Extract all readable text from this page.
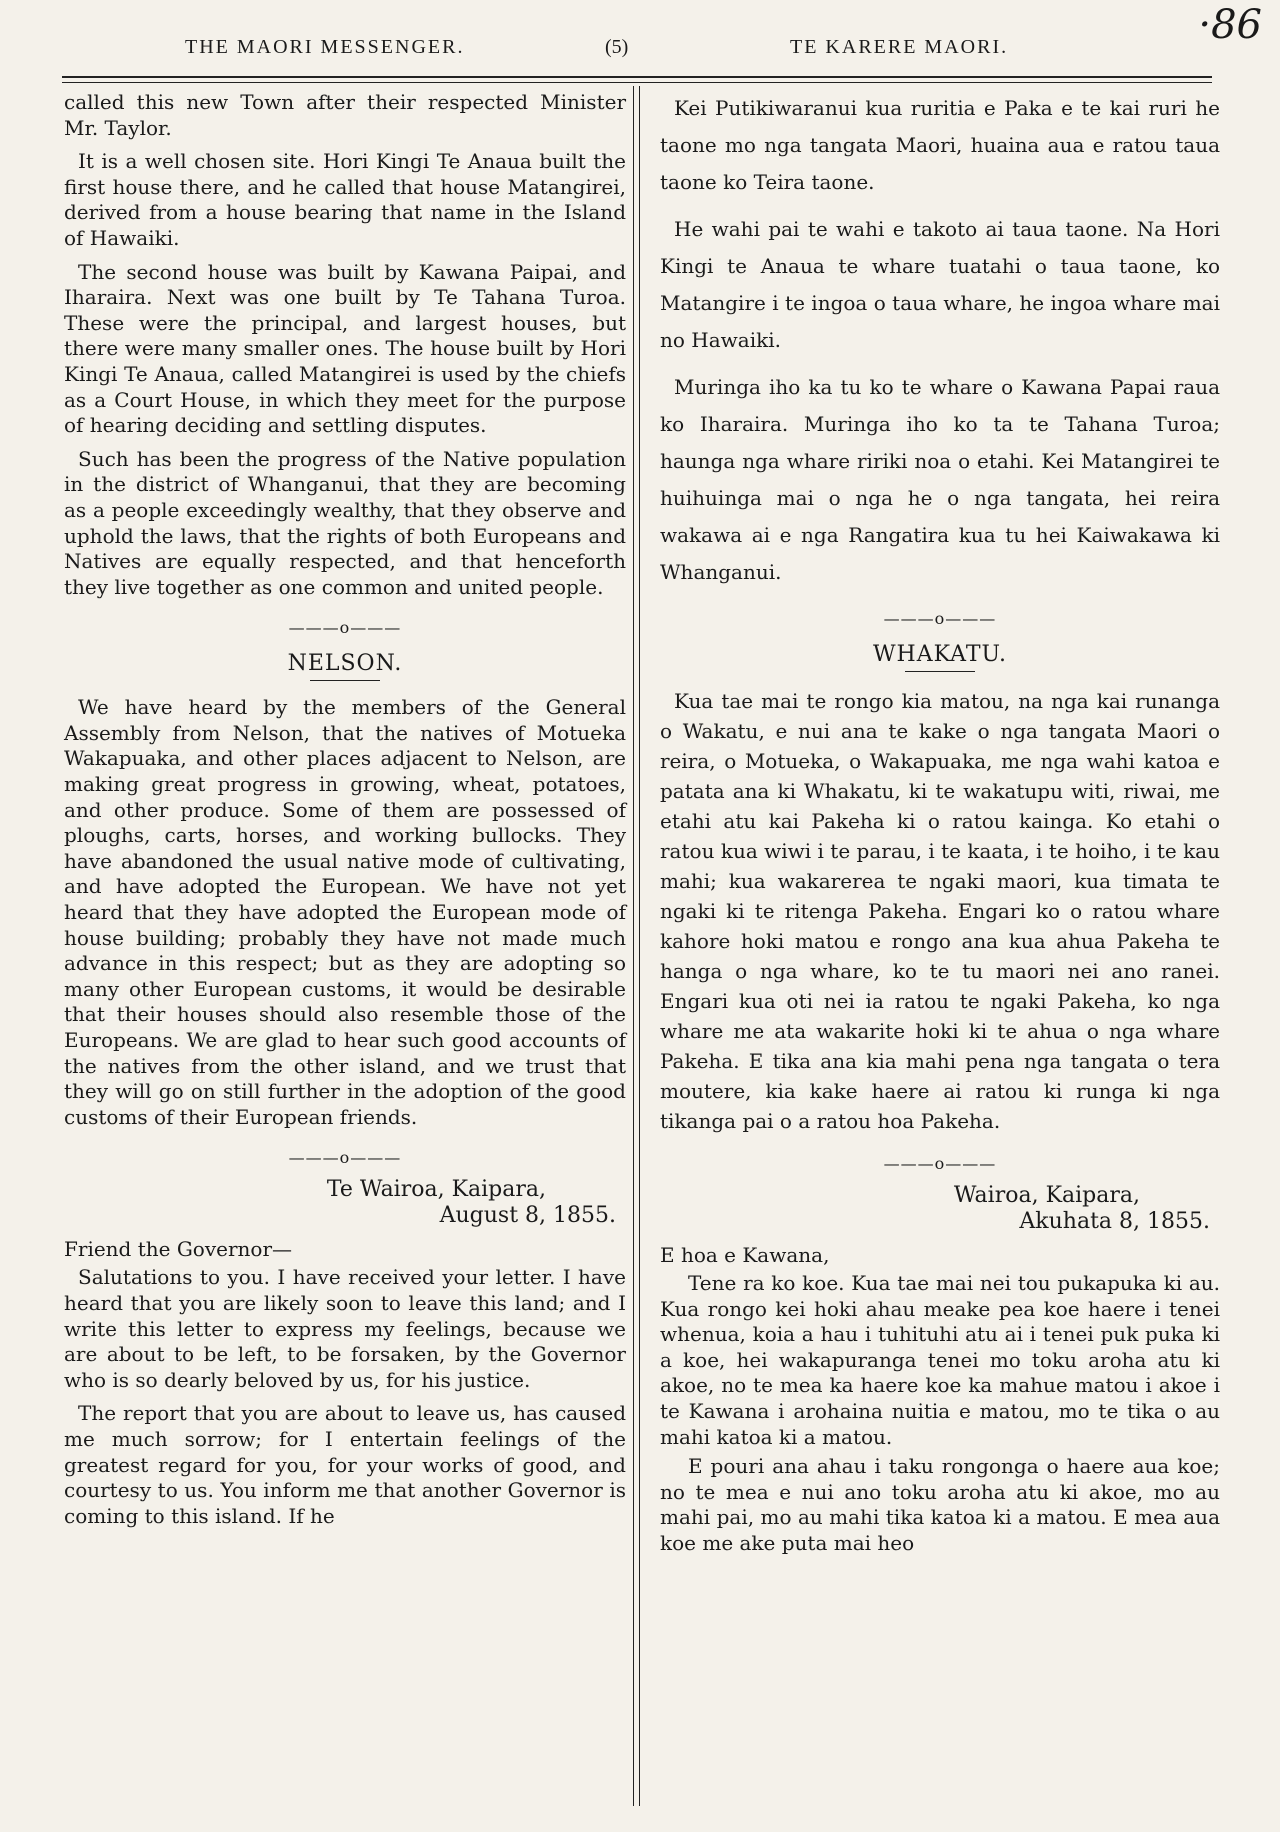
THE MAORI MESSENGER.	(5)	TE KARERE MAORI.	·86

called this new Town after their respected Minister Mr. Taylor.

It is a well chosen site. Hori Kingi Te Anaua built the first house there, and he called that house Matangirei, derived from a house bearing that name in the Island of Hawaiki.

The second house was built by Kawana Paipai, and Iharaira. Next was one built by Te Tahana Turoa. These were the principal, and largest houses, but there were many smaller ones. The house built by Hori Kingi Te Anaua, called Matangirei is used by the chiefs as a Court House, in which they meet for the purpose of hearing deciding and settling disputes.

Such has been the progress of the Native population in the district of Whanganui, that they are becoming as a people exceedingly wealthy, that they observe and uphold the laws, that the rights of both Europeans and Natives are equally respected, and that henceforth they live together as one common and united people.

———o———
NELSON.

We have heard by the members of the General Assembly from Nelson, that the natives of Motueka Wakapuaka, and other places adjacent to Nelson, are making great progress in growing, wheat, potatoes, and other produce. Some of them are possessed of ploughs, carts, horses, and working bullocks. They have abandoned the usual native mode of cultivating, and have adopted the European. We have not yet heard that they have adopted the European mode of house building; probably they have not made much advance in this respect; but as they are adopting so many other European customs, it would be desirable that their houses should also resemble those of the Europeans. We are glad to hear such good accounts of the natives from the other island, and we trust that they will go on still further in the adoption of the good customs of their European friends.

———o———
Te Wairoa, Kaipara,
August 8, 1855.
Friend the Governor—

Salutations to you. I have received your letter. I have heard that you are likely soon to leave this land; and I write this letter to express my feelings, because we are about to be left, to be forsaken, by the Governor who is so dearly beloved by us, for his justice.

The report that you are about to leave us, has caused me much sorrow; for I entertain feelings of the greatest regard for you, for your works of good, and courtesy to us. You inform me that another Governor is coming to this island. If he

Kei Putikiwaranui kua ruritia e Paka e te kai ruri he taone mo nga tangata Maori, huaina aua e ratou taua taone ko Teira taone.

He wahi pai te wahi e takoto ai taua taone. Na Hori Kingi te Anaua te whare tuatahi o taua taone, ko Matangire i te ingoa o taua whare, he ingoa whare mai no Hawaiki.

Muringa iho ka tu ko te whare o Kawana Papai raua ko Iharaira. Muringa iho ko ta te Tahana Turoa; haunga nga whare ririki noa o etahi. Kei Matangirei te huihuinga mai o nga he o nga tangata, hei reira wakawa ai e nga Rangatira kua tu hei Kaiwakawa ki Whanganui.

———o———
WHAKATU.

Kua tae mai te rongo kia matou, na nga kai runanga o Wakatu, e nui ana te kake o nga tangata Maori o reira, o Motueka, o Wakapuaka, me nga wahi katoa e patata ana ki Whakatu, ki te wakatupu witi, riwai, me etahi atu kai Pakeha ki o ratou kainga. Ko etahi o ratou kua wiwi i te parau, i te kaata, i te hoiho, i te kau mahi; kua wakarerea te ngaki maori, kua timata te ngaki ki te ritenga Pakeha. Engari ko o ratou whare kahore hoki matou e rongo ana kua ahua Pakeha te hanga o nga whare, ko te tu maori nei ano ranei. Engari kua oti nei ia ratou te ngaki Pakeha, ko nga whare me ata wakarite hoki ki te ahua o nga whare Pakeha. E tika ana kia mahi pena nga tangata o tera moutere, kia kake haere ai ratou ki runga ki nga tikanga pai o a ratou hoa Pakeha.

———o———
Wairoa, Kaipara,
Akuhata 8, 1855.
E hoa e Kawana,

Tene ra ko koe. Kua tae mai nei tou pukapuka ki au. Kua rongo kei hoki ahau meake pea koe haere i tenei whenua, koia a hau i tuhituhi atu ai i tenei puk puka ki a koe, hei wakapuranga tenei mo toku aroha atu ki akoe, no te mea ka haere koe ka mahue matou i akoe i te Kawana i arohaina nuitia e matou, mo te tika o au mahi katoa ki a matou.

E pouri ana ahau i taku rongonga o haere aua koe; no te mea e nui ano toku aroha atu ki akoe, mo au mahi pai, mo au mahi tika katoa ki a matou. E mea aua koe me ake puta mai heo
